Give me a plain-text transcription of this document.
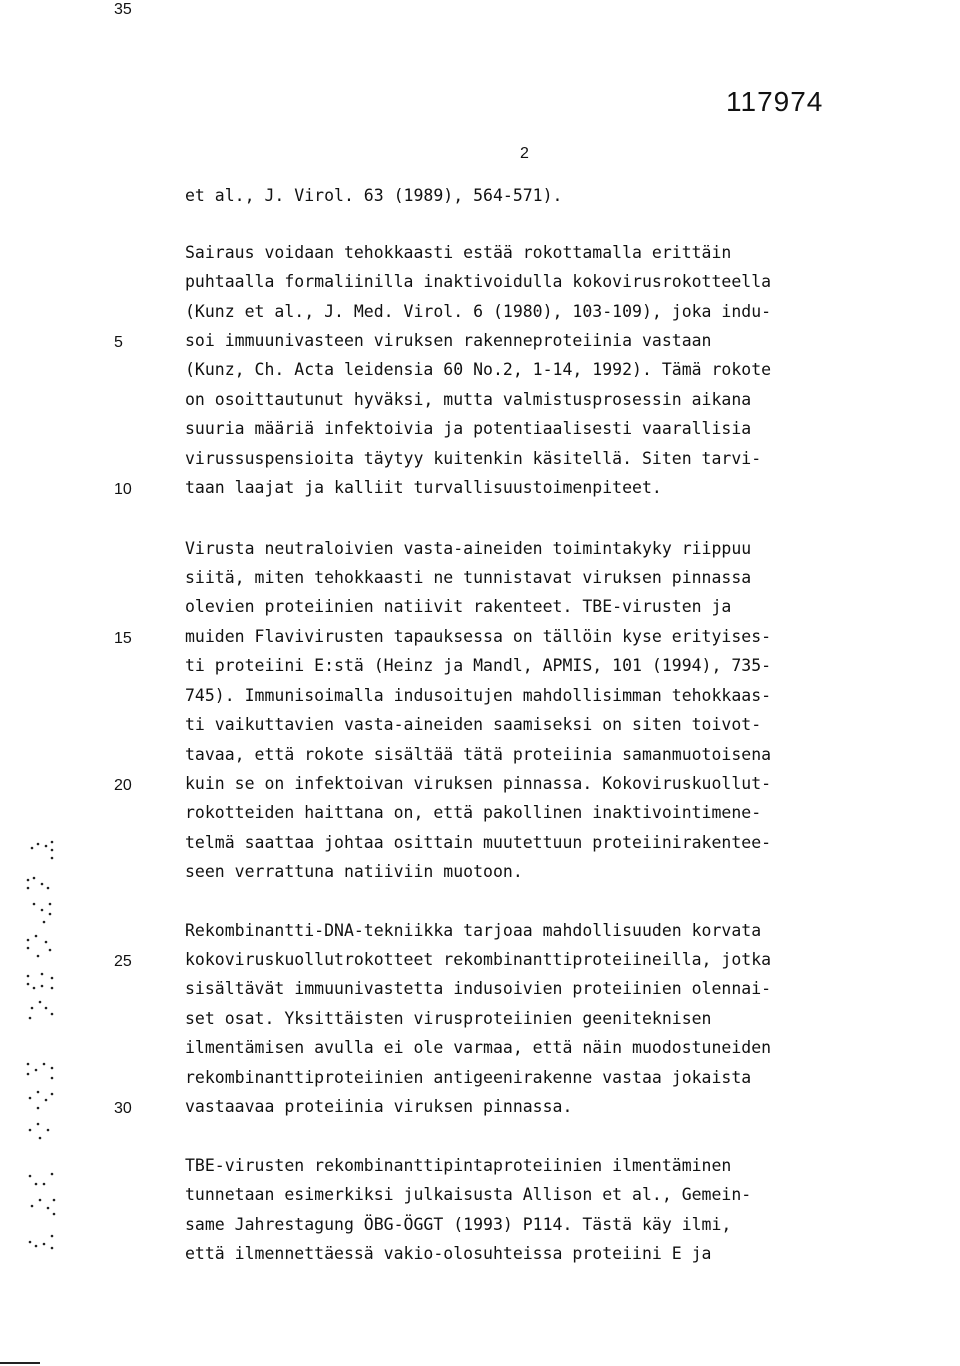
117974
2
et al., J. Virol. 63 (1989), 564-571).
Sairaus voidaan tehokkaasti estää rokottamalla erittäin
puhtaalla formaliinilla inaktivoidulla kokovirusrokotteella
(Kunz et al., J. Med. Virol. 6 (1980), 103-109), joka indu-
soi immuunivasteen viruksen rakenneproteiinia vastaan
(Kunz, Ch. Acta leidensia 60 No.2, 1-14, 1992). Tämä rokote
on osoittautunut hyväksi, mutta valmistusprosessin aikana
suuria määriä infektoivia ja potentiaalisesti vaarallisia
virussuspensioita täytyy kuitenkin käsitellä. Siten tarvi-
taan laajat ja kalliit turvallisuustoimenpiteet.
Virusta neutraloivien vasta-aineiden toimintakyky riippuu
siitä, miten tehokkaasti ne tunnistavat viruksen pinnassa
olevien proteiinien natiivit rakenteet. TBE-virusten ja
muiden Flavivirusten tapauksessa on tällöin kyse erityises-
ti proteiini E:stä (Heinz ja Mandl, APMIS, 101 (1994), 735-
745). Immunisoimalla indusoitujen mahdollisimman tehokkaas-
ti vaikuttavien vasta-aineiden saamiseksi on siten toivot-
tavaa, että rokote sisältää tätä proteiinia samanmuotoisena
kuin se on infektoivan viruksen pinnassa. Kokoviruskuollut-
rokotteiden haittana on, että pakollinen inaktivointimene-
telmä saattaa johtaa osittain muutettuun proteiinirakentee-
seen verrattuna natiiviin muotoon.
Rekombinantti-DNA-tekniikka tarjoaa mahdollisuuden korvata
kokoviruskuollutrokotteet rekombinanttiproteiineilla, jotka
sisältävät immuunivastetta indusoivien proteiinien olennai-
set osat. Yksittäisten virusproteiinien geeniteknisen
ilmentämisen avulla ei ole varmaa, että näin muodostuneiden
rekombinanttiproteiinien antigeenirakenne vastaa jokaista
vastaavaa proteiinia viruksen pinnassa.
TBE-virusten rekombinanttipintaproteiinien ilmentäminen
tunnetaan esimerkiksi julkaisusta Allison et al., Gemein-
same Jahrestagung ÖBG-ÖGGT (1993) P114. Tästä käy ilmi,
että ilmennettäessä vakio-olosuhteissa proteiini E ja
5
10
15
20
25
30
35
